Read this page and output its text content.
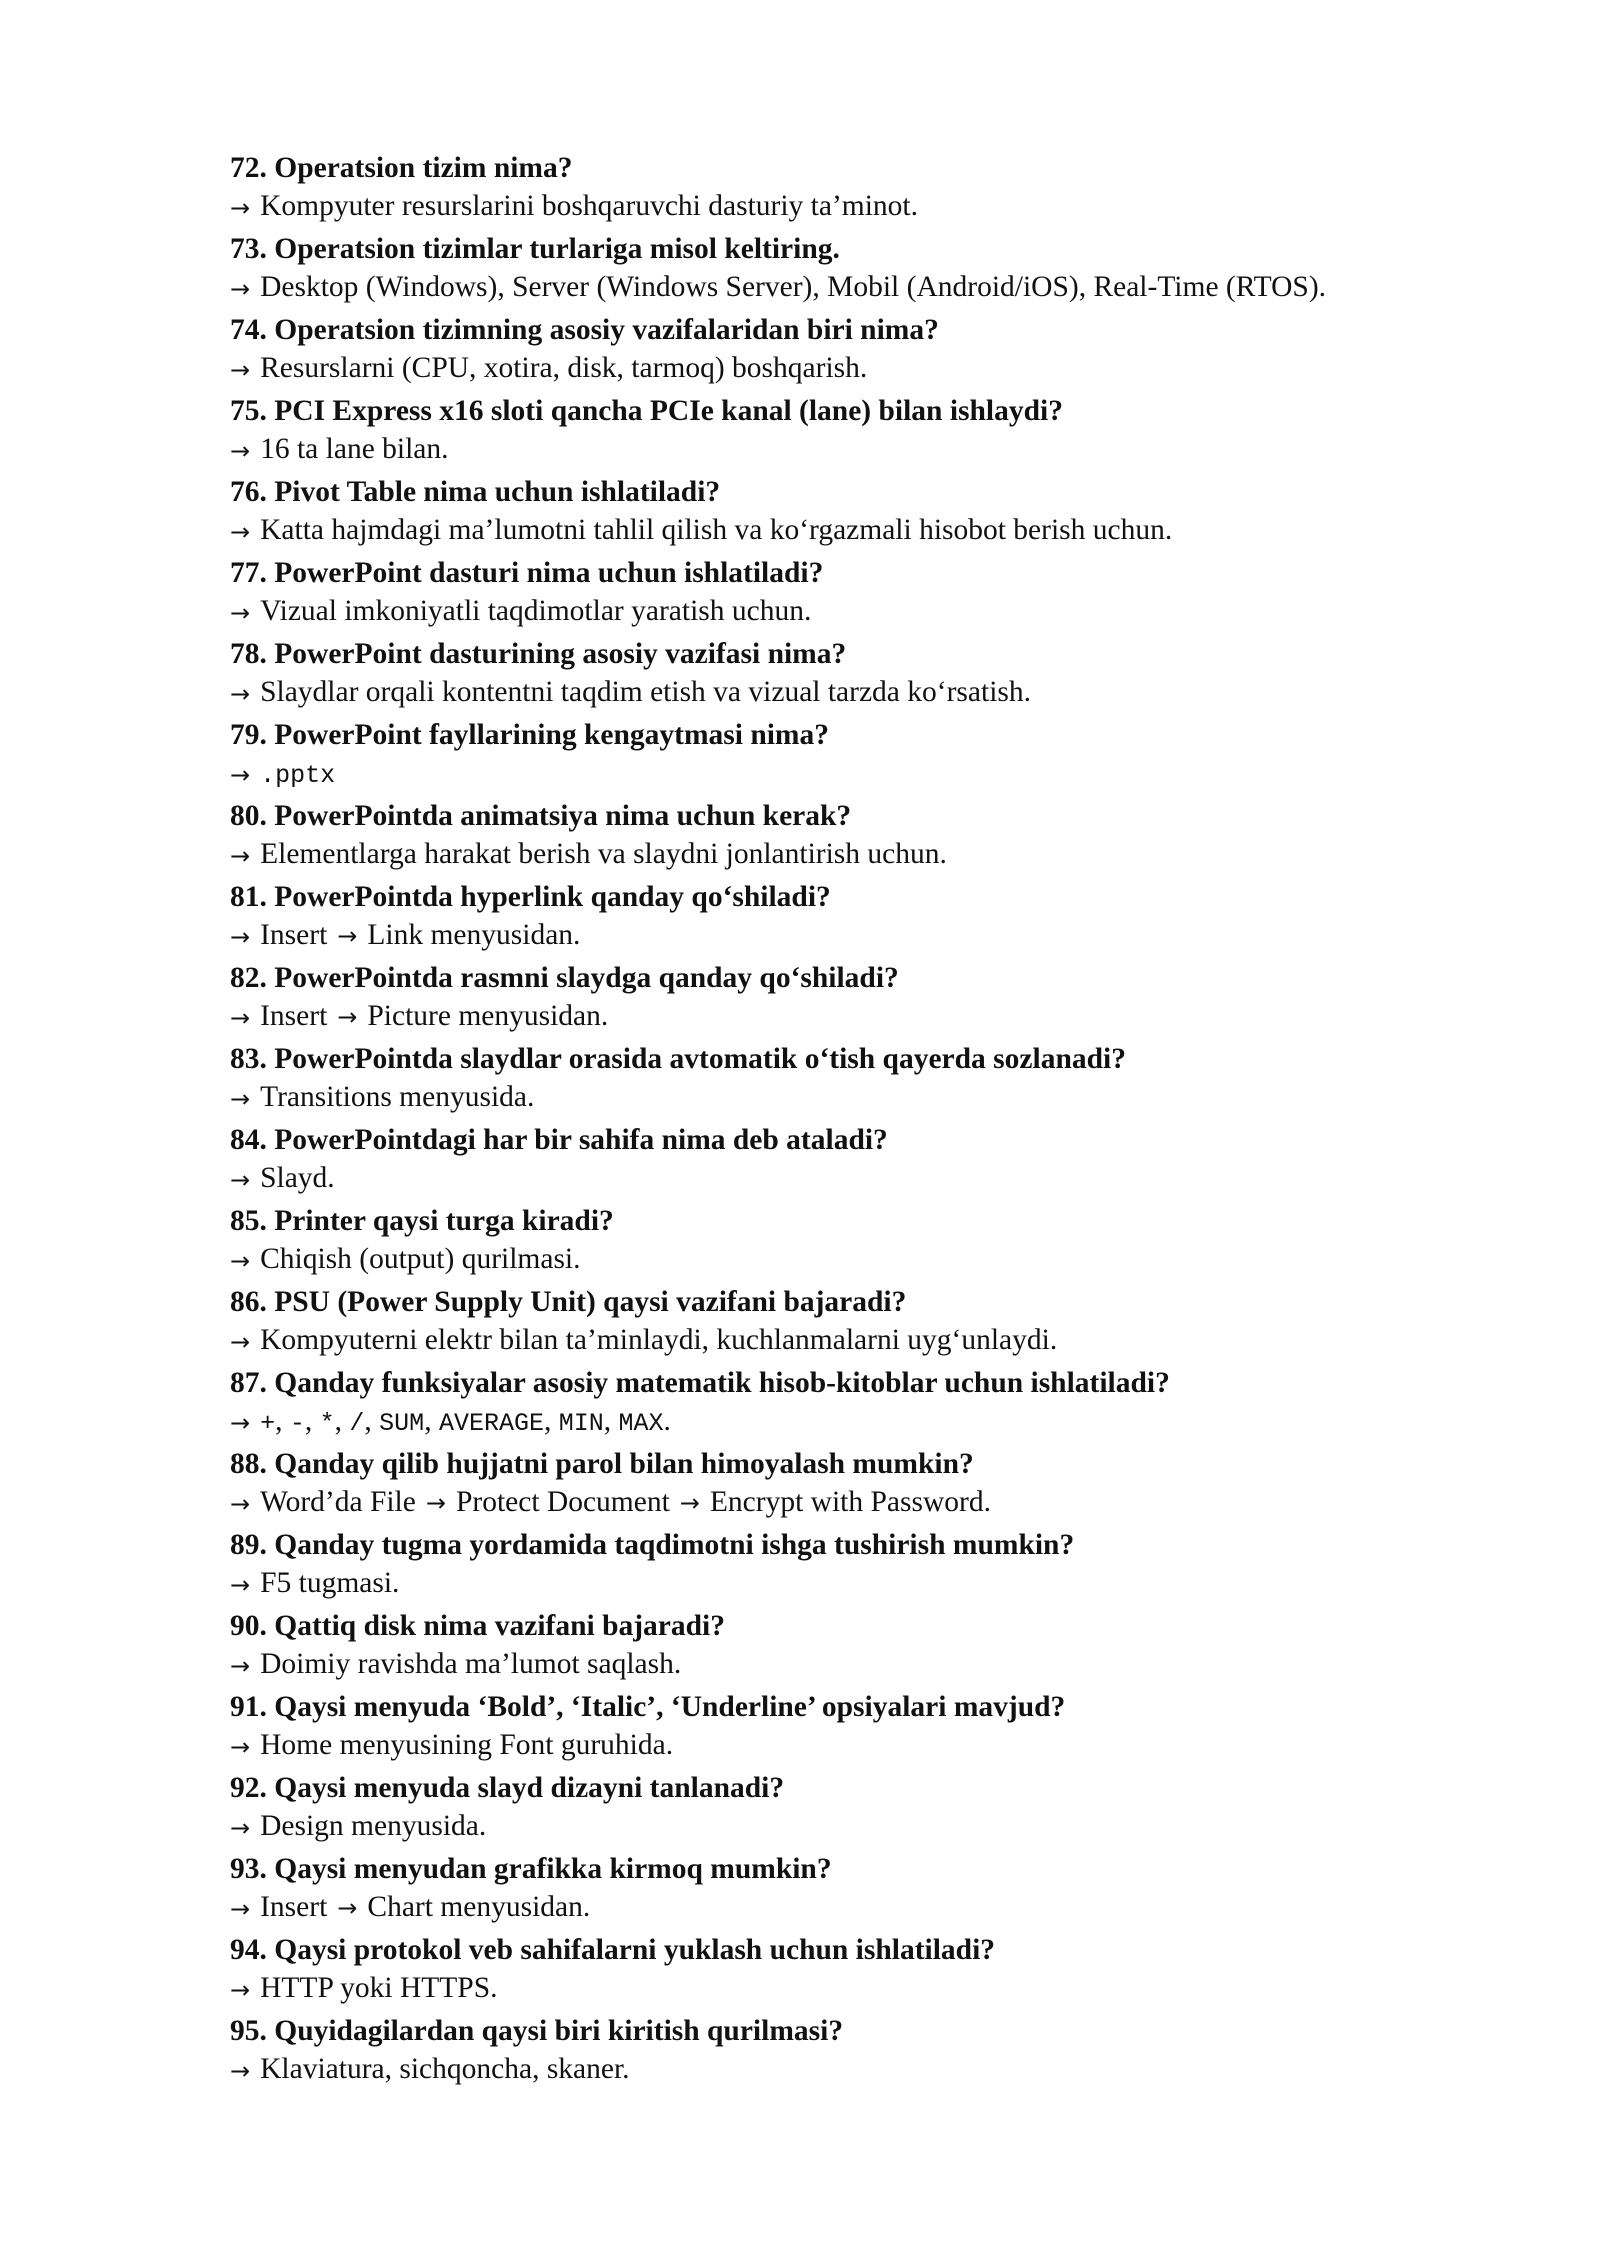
72. Operatsion tizim nima?
→ Kompyuter resurslarini boshqaruvchi dasturiy ta’minot.
73. Operatsion tizimlar turlariga misol keltiring.
→ Desktop (Windows), Server (Windows Server), Mobil (Android/iOS), Real-Time (RTOS).
74. Operatsion tizimning asosiy vazifalaridan biri nima?
→ Resurslarni (CPU, xotira, disk, tarmoq) boshqarish.
75. PCI Express x16 sloti qancha PCIe kanal (lane) bilan ishlaydi?
→ 16 ta lane bilan.
76. Pivot Table nima uchun ishlatiladi?
→ Katta hajmdagi ma’lumotni tahlil qilish va ko‘rgazmali hisobot berish uchun.
77. PowerPoint dasturi nima uchun ishlatiladi?
→ Vizual imkoniyatli taqdimotlar yaratish uchun.
78. PowerPoint dasturining asosiy vazifasi nima?
→ Slaydlar orqali kontentni taqdim etish va vizual tarzda ko‘rsatish.
79. PowerPoint fayllarining kengaytmasi nima?
→ .pptx
80. PowerPointda animatsiya nima uchun kerak?
→ Elementlarga harakat berish va slaydni jonlantirish uchun.
81. PowerPointda hyperlink qanday qo‘shiladi?
→ Insert → Link menyusidan.
82. PowerPointda rasmni slaydga qanday qo‘shiladi?
→ Insert → Picture menyusidan.
83. PowerPointda slaydlar orasida avtomatik o‘tish qayerda sozlanadi?
→ Transitions menyusida.
84. PowerPointdagi har bir sahifa nima deb ataladi?
→ Slayd.
85. Printer qaysi turga kiradi?
→ Chiqish (output) qurilmasi.
86. PSU (Power Supply Unit) qaysi vazifani bajaradi?
→ Kompyuterni elektr bilan ta’minlaydi, kuchlanmalarni uyg‘unlaydi.
87. Qanday funksiyalar asosiy matematik hisob-kitoblar uchun ishlatiladi?
→ +, -, *, /, SUM, AVERAGE, MIN, MAX.
88. Qanday qilib hujjatni parol bilan himoyalash mumkin?
→ Word’da File → Protect Document → Encrypt with Password.
89. Qanday tugma yordamida taqdimotni ishga tushirish mumkin?
→ F5 tugmasi.
90. Qattiq disk nima vazifani bajaradi?
→ Doimiy ravishda ma’lumot saqlash.
91. Qaysi menyuda ‘Bold’, ‘Italic’, ‘Underline’ opsiyalari mavjud?
→ Home menyusining Font guruhida.
92. Qaysi menyuda slayd dizayni tanlanadi?
→ Design menyusida.
93. Qaysi menyudan grafikka kirmoq mumkin?
→ Insert → Chart menyusidan.
94. Qaysi protokol veb sahifalarni yuklash uchun ishlatiladi?
→ HTTP yoki HTTPS.
95. Quyidagilardan qaysi biri kiritish qurilmasi?
→ Klaviatura, sichqoncha, skaner.
